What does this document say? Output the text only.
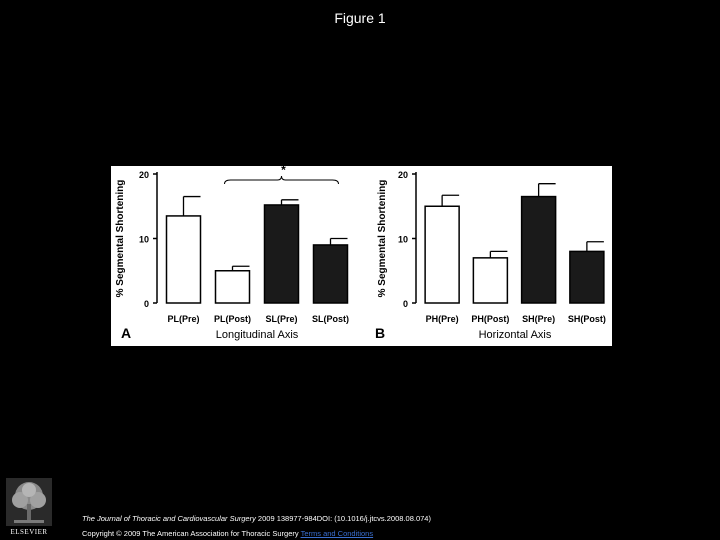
Figure 1
0
10
20
% Segmental Shortening
PL(Pre) PL(Post) SL(Pre) SL(Post)
*
A	Longitudinal Axis
0
10
20
% Segmental Shortening
PH(Pre) PH(Post) SH(Pre) SH(Post)
B	Horizontal Axis
ELSEVIER
The Journal of Thoracic and Cardiovascular Surgery 2009 138977-984DOI: (10.1016/j.jtcvs.2008.08.074)
Copyright © 2009 The American Association for Thoracic Surgery Terms and Conditions
